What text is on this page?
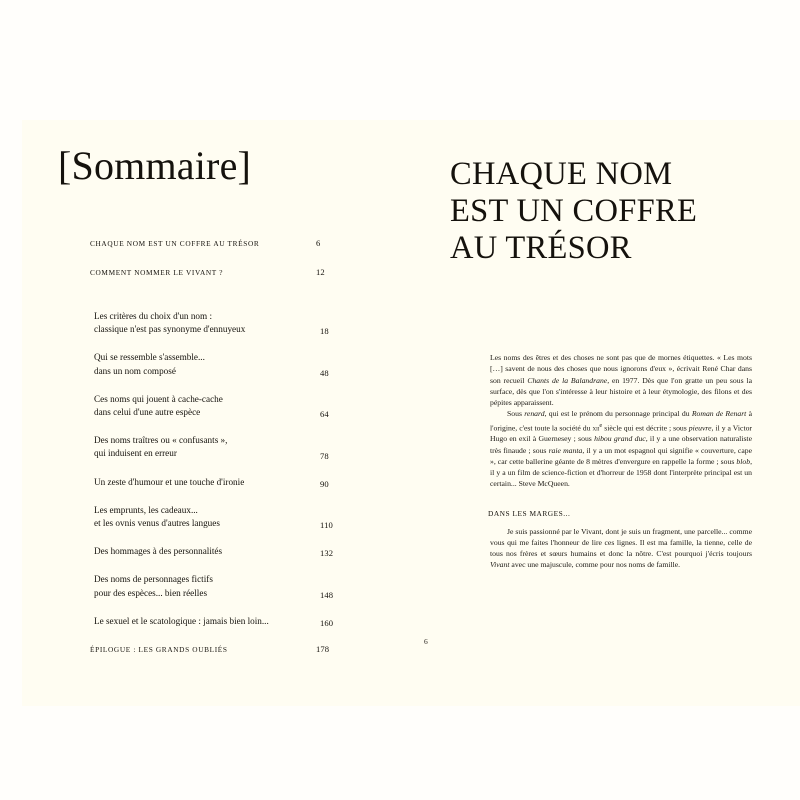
[Sommaire]
CHAQUE NOM EST UN COFFRE AU TRÉSOR	6
COMMENT NOMMER LE VIVANT ?	12
Les critères du choix d'un nom :
classique n'est pas synonyme d'ennuyeux	18
Qui se ressemble s'assemble...
dans un nom composé	48
Ces noms qui jouent à cache-cache
dans celui d'une autre espèce	64
Des noms traîtres ou « confusants »,
qui induisent en erreur	78
Un zeste d'humour et une touche d'ironie	90
Les emprunts, les cadeaux...
et les ovnis venus d'autres langues	110
Des hommages à des personnalités	132
Des noms de personnages fictifs
pour des espèces... bien réelles	148
Le sexuel et le scatologique : jamais bien loin...	160
ÉPILOGUE : LES GRANDS OUBLIÉS	178
CHAQUE NOM
EST UN COFFRE
AU TRÉSOR

Les noms des êtres et des choses ne sont pas que de mornes étiquettes. « Les mots […] savent de nous des choses que nous ignorons d'eux », écrivait René Char dans son recueil Chants de la Balandrane, en 1977. Dès que l'on gratte un peu sous la surface, dès que l'on s'intéresse à leur histoire et à leur étymologie, des filons et des pépites apparaissent.

Sous renard, qui est le prénom du personnage principal du Roman de Renart à l'origine, c'est toute la société du xii$^e$ siècle qui est décrite ; sous pieuvre, il y a Victor Hugo en exil à Guernesey ; sous hibou grand duc, il y a une observation naturaliste très finaude ; sous raie manta, il y a un mot espagnol qui signifie « couverture, cape », car cette ballerine géante de 8 mètres d'envergure en rappelle la forme ; sous blob, il y a un film de science-fiction et d'horreur de 1958 dont l'interprète principal est un certain... Steve McQueen.

DANS LES MARGES...

Je suis passionné par le Vivant, dont je suis un fragment, une parcelle... comme vous qui me faites l'honneur de lire ces lignes. Il est ma famille, la tienne, celle de tous nos frères et sœurs humains et donc la nôtre. C'est pourquoi j'écris toujours Vivant avec une majuscule, comme pour nos noms de famille.

6
